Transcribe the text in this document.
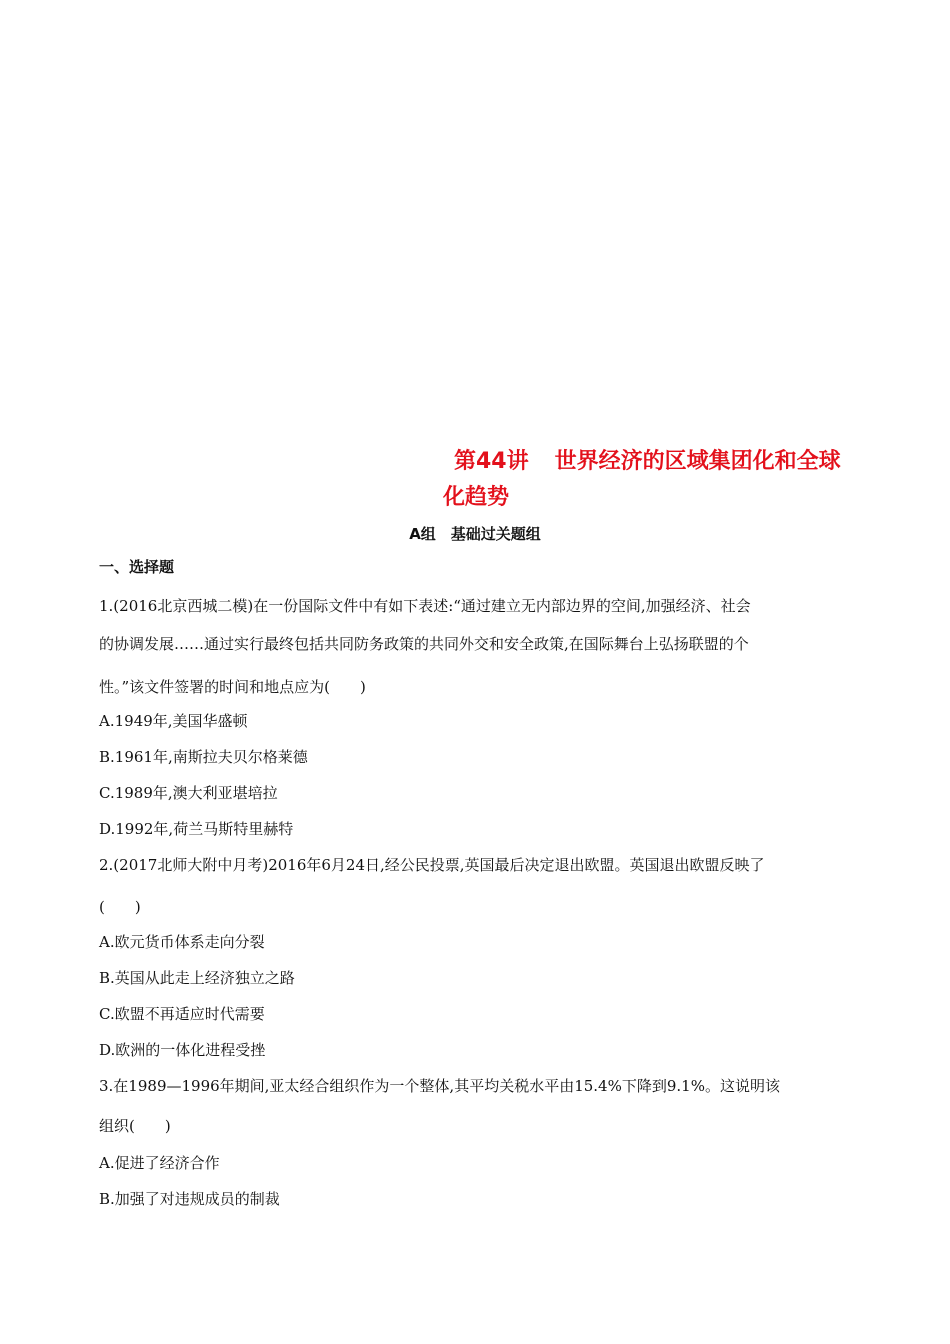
第44讲 世界经济的区域集团化和全球
化趋势
A组　基础过关题组
一、选择题
1.(2016北京西城二模)在一份国际文件中有如下表述:“通过建立无内部边界的空间,加强经济、社会
的协调发展……通过实行最终包括共同防务政策的共同外交和安全政策,在国际舞台上弘扬联盟的个
性。”该文件签署的时间和地点应为(　　)
A.1949年,美国华盛顿
B.1961年,南斯拉夫贝尔格莱德
C.1989年,澳大利亚堪培拉
D.1992年,荷兰马斯特里赫特
2.(2017北师大附中月考)2016年6月24日,经公民投票,英国最后决定退出欧盟。英国退出欧盟反映了
(　　)
A.欧元货币体系走向分裂
B.英国从此走上经济独立之路
C.欧盟不再适应时代需要
D.欧洲的一体化进程受挫
3.在1989—1996年期间,亚太经合组织作为一个整体,其平均关税水平由15.4%下降到9.1%。这说明该
组织(　　)
A.促进了经济合作
B.加强了对违规成员的制裁
